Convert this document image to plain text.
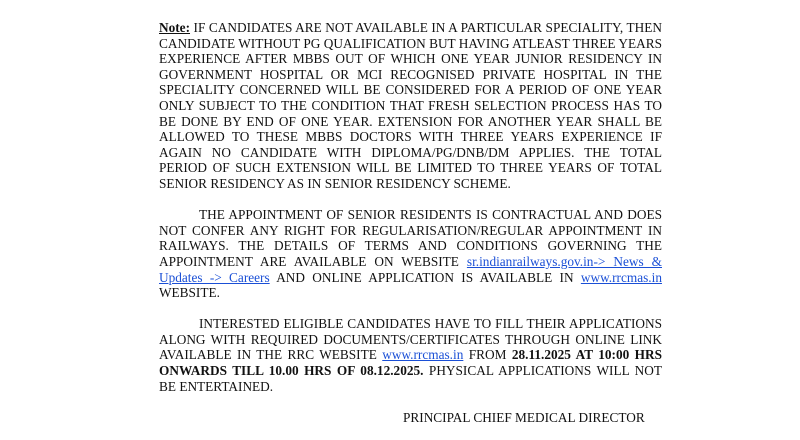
Note: IF CANDIDATES ARE NOT AVAILABLE IN A PARTICULAR SPECIALITY, THEN CANDIDATE WITHOUT PG QUALIFICATION BUT HAVING ATLEAST THREE YEARS EXPERIENCE AFTER MBBS OUT OF WHICH ONE YEAR JUNIOR RESIDENCY IN GOVERNMENT HOSPITAL OR MCI RECOGNISED PRIVATE HOSPITAL IN THE SPECIALITY CONCERNED WILL BE CONSIDERED FOR A PERIOD OF ONE YEAR ONLY SUBJECT TO THE CONDITION THAT FRESH SELECTION PROCESS HAS TO BE DONE BY END OF ONE YEAR. EXTENSION FOR ANOTHER YEAR SHALL BE ALLOWED TO THESE MBBS DOCTORS WITH THREE YEARS EXPERIENCE IF AGAIN NO CANDIDATE WITH DIPLOMA/PG/DNB/DM APPLIES. THE TOTAL PERIOD OF SUCH EXTENSION WILL BE LIMITED TO THREE YEARS OF TOTAL SENIOR RESIDENCY AS IN SENIOR RESIDENCY SCHEME.

THE APPOINTMENT OF SENIOR RESIDENTS IS CONTRACTUAL AND DOES NOT CONFER ANY RIGHT FOR REGULARISATION/REGULAR APPOINTMENT IN RAILWAYS. THE DETAILS OF TERMS AND CONDITIONS GOVERNING THE APPOINTMENT ARE AVAILABLE ON WEBSITE sr.indianrailways.gov.in-> News & Updates -> Careers AND ONLINE APPLICATION IS AVAILABLE IN www.rrcmas.in WEBSITE.

INTERESTED ELIGIBLE CANDIDATES HAVE TO FILL THEIR APPLICATIONS ALONG WITH REQUIRED DOCUMENTS/CERTIFICATES THROUGH ONLINE LINK AVAILABLE IN THE RRC WEBSITE www.rrcmas.in FROM 28.11.2025 AT 10:00 HRS ONWARDS TILL 10.00 HRS OF 08.12.2025. PHYSICAL APPLICATIONS WILL NOT BE ENTERTAINED.

PRINCIPAL CHIEF MEDICAL DIRECTOR
